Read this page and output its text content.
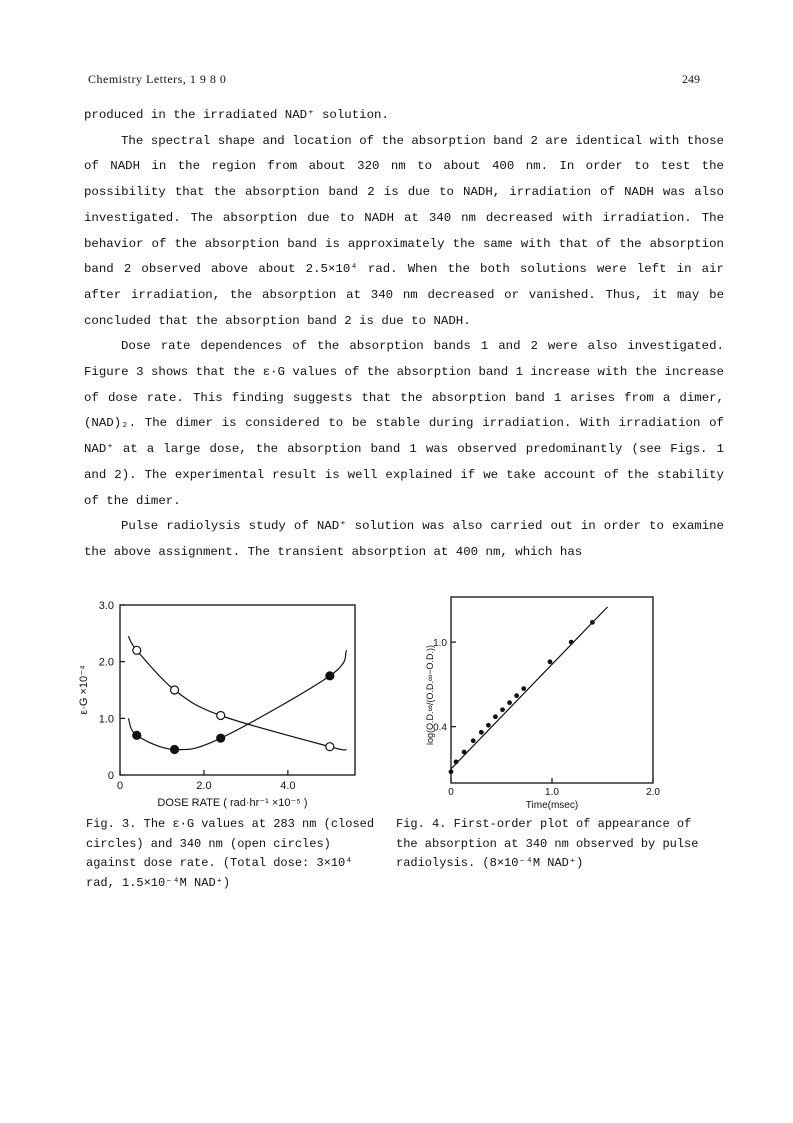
Chemistry Letters, 1 9 8 0	249

produced in the irradiated NAD⁺ solution.

The spectral shape and location of the absorption band 2 are identical with those of NADH in the region from about 320 nm to about 400 nm. In order to test the possibility that the absorption band 2 is due to NADH, irradiation of NADH was also investigated. The absorption due to NADH at 340 nm decreased with irradiation. The behavior of the absorption band is approximately the same with that of the absorption band 2 observed above about 2.5×10⁴ rad. When the both solutions were left in air after irradiation, the absorption at 340 nm decreased or vanished. Thus, it may be concluded that the absorption band 2 is due to NADH.

Dose rate dependences of the absorption bands 1 and 2 were also investigated. Figure 3 shows that the ε·G values of the absorption band 1 increase with the increase of dose rate. This finding suggests that the absorption band 1 arises from a dimer, (NAD)₂. The dimer is considered to be stable during irradiation. With irradiation of NAD⁺ at a large dose, the absorption band 1 was observed predominantly (see Figs. 1 and 2). The experimental result is well explained if we take account of the stability of the dimer.

Pulse radiolysis study of NAD⁺ solution was also carried out in order to examine the above assignment. The transient absorption at 400 nm, which has

0
1.0
2.0
3.0
0	2.0	4.0
DOSE RATE ( rad·hr⁻¹ ×10⁻⁵ )
ε·G ×10⁻⁴
0.4
1.0
0	1.0	2.0
Time(msec)
log(O.D.∞/(O.D.∞−O.D.))
Fig. 3. The ε·G values at 283 nm (closed circles) and 340 nm (open circles) against dose rate. (Total dose: 3×10⁴ rad, 1.5×10⁻⁴M NAD⁺)
Fig. 4. First-order plot of appearance of the absorption at 340 nm observed by pulse radiolysis. (8×10⁻⁴M NAD⁺)
